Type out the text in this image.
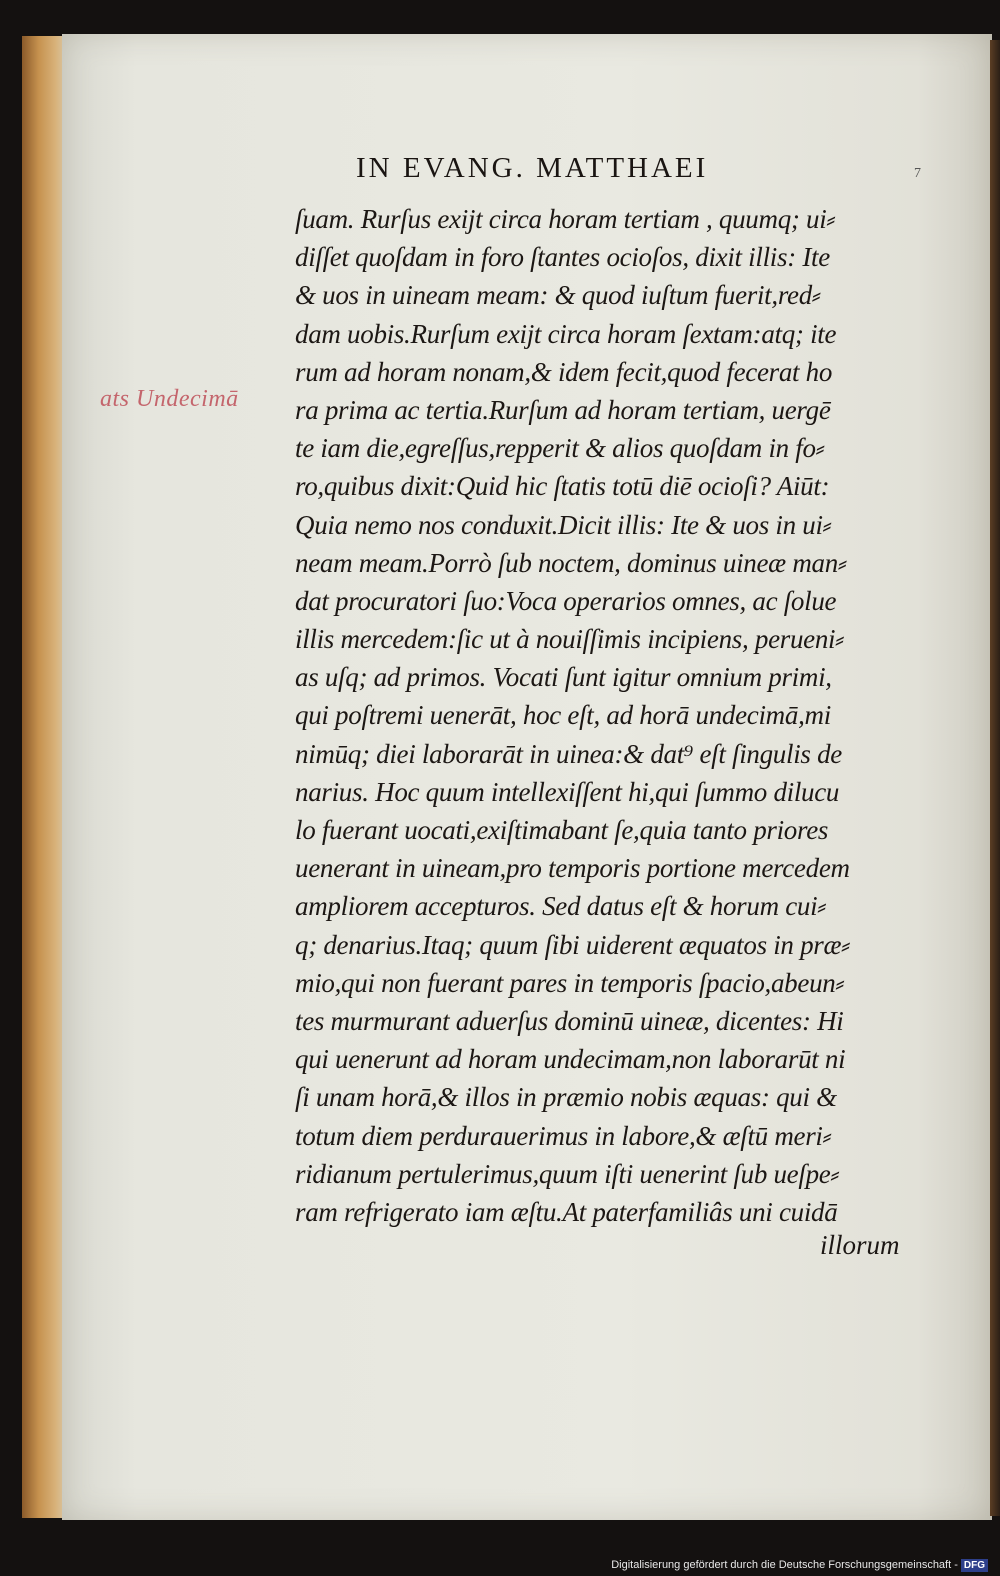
IN EVANG. MATTHAEI	7
ats Undecimā
ſuam. Rurſus exijt circa horam tertiam , quumq; ui⸗
diſſet quoſdam in foro ſtantes ocioſos, dixit illis: Ite
& uos in uineam meam: & quod iuſtum fuerit,red⸗
dam uobis.Rurſum exijt circa horam ſextam:atq; ite
rum ad horam nonam,& idem fecit,quod fecerat ho
ra prima ac tertia.Rurſum ad horam tertiam, uergē
te iam die,egreſſus,repperit & alios quoſdam in fo⸗
ro,quibus dixit:Quid hic ſtatis totū diē ocioſi? Aiūt:
Quia nemo nos conduxit.Dicit illis: Ite & uos in ui⸗
neam meam.Porrò ſub noctem, dominus uineæ man⸗
dat procuratori ſuo:Voca operarios omnes, ac ſolue
illis mercedem:ſic ut à nouiſſimis incipiens, perueni⸗
as uſq; ad primos. Vocati ſunt igitur omnium primi,
qui poſtremi uenerāt, hoc eſt, ad horā undecimā,mi
nimūq; diei laborarāt in uinea:& dat⁹ eſt ſingulis de
narius. Hoc quum intellexiſſent hi,qui ſummo dilucu
lo fuerant uocati,exiſtimabant ſe,quia tanto priores
uenerant in uineam,pro temporis portione mercedem
ampliorem accepturos. Sed datus eſt & horum cui⸗
q; denarius.Itaq; quum ſibi uiderent æquatos in præ⸗
mio,qui non fuerant pares in temporis ſpacio,abeun⸗
tes murmurant aduerſus dominū uineæ, dicentes: Hi
qui uenerunt ad horam undecimam,non laborarūt ni
ſi unam horā,& illos in præmio nobis æquas: qui &
totum diem perdurauerimus in labore,& æſtū meri⸗
ridianum pertulerimus,quum iſti uenerint ſub ueſpe⸗
ram refrigerato iam æſtu.At paterfamiliâs uni cuidā
illorum
Digitalisierung gefördert durch die Deutsche Forschungsgemeinschaft - DFG
